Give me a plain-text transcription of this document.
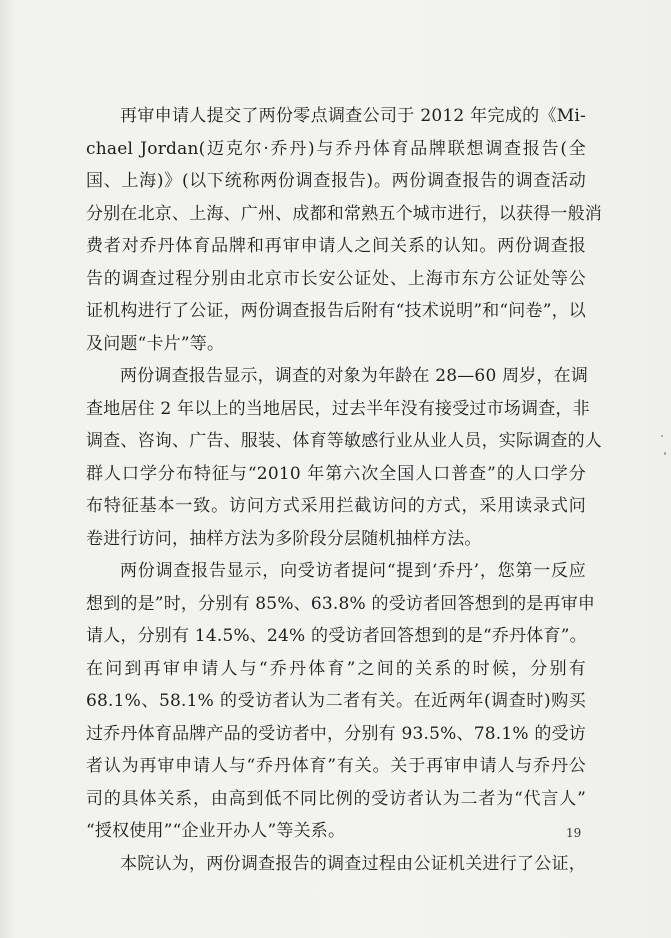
再审申请人提交了两份零点调查公司于 2012 年完成的《Mi-
chael Jordan(迈克尔·乔丹)与乔丹体育品牌联想调查报告(全
国、上海)》(以下统称两份调查报告)。两份调查报告的调查活动
分别在北京、上海、广州、成都和常熟五个城市进行，以获得一般消
费者对乔丹体育品牌和再审申请人之间关系的认知。两份调查报
告的调查过程分别由北京市长安公证处、上海市东方公证处等公
证机构进行了公证，两份调查报告后附有“技术说明”和“问卷”，以
及问题“卡片”等。
两份调查报告显示，调查的对象为年龄在 28—60 周岁，在调
查地居住 2 年以上的当地居民，过去半年没有接受过市场调查，非
调查、咨询、广告、服装、体育等敏感行业从业人员，实际调查的人
群人口学分布特征与“2010 年第六次全国人口普查”的人口学分
布特征基本一致。访问方式采用拦截访问的方式，采用读录式问
卷进行访问，抽样方法为多阶段分层随机抽样方法。
两份调查报告显示，向受访者提问“提到‘乔丹’，您第一反应
想到的是”时，分别有 85%、63.8% 的受访者回答想到的是再审申
请人，分别有 14.5%、24% 的受访者回答想到的是“乔丹体育”。
在问到再审申请人与“乔丹体育”之间的关系的时候，分别有
68.1%、58.1% 的受访者认为二者有关。在近两年(调查时)购买
过乔丹体育品牌产品的受访者中，分别有 93.5%、78.1% 的受访
者认为再审申请人与“乔丹体育”有关。关于再审申请人与乔丹公
司的具体关系，由高到低不同比例的受访者认为二者为“代言人”
“授权使用”“企业开办人”等关系。
本院认为，两份调查报告的调查过程由公证机关进行了公证，
19
